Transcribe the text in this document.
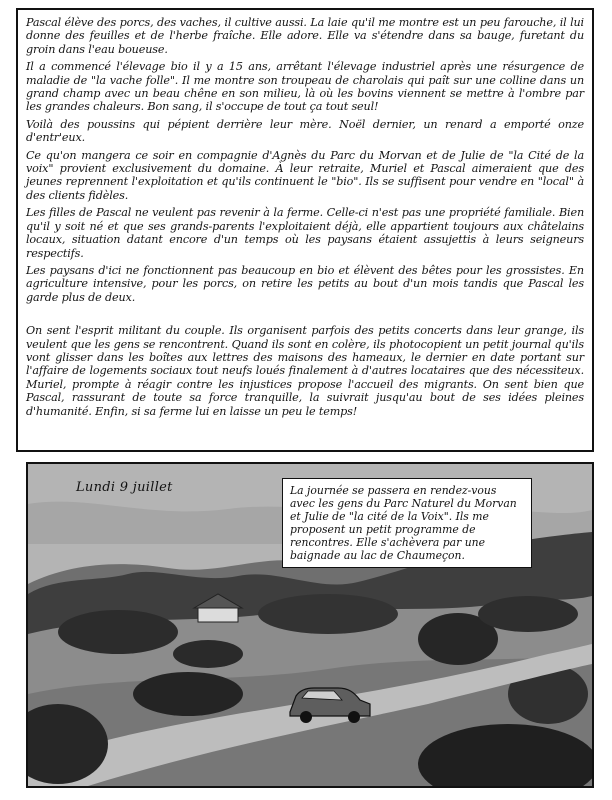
Pascal élève des porcs, des vaches, il cultive aussi. La laie qu'il me montre est un peu farouche, il lui donne des feuilles et de l'herbe fraîche. Elle adore. Elle va s'étendre dans sa bauge, furetant du groin dans l'eau boueuse.

Il a commencé l'élevage bio il y a 15 ans, arrêtant l'élevage industriel après une résurgence de maladie de "la vache folle". Il me montre son troupeau de charolais qui paît sur une colline dans un grand champ avec un beau chêne en son milieu, là où les bovins viennent se mettre à l'ombre par les grandes chaleurs. Bon sang, il s'occupe de tout ça tout seul!

Voilà des poussins qui pépient derrière leur mère. Noël dernier, un renard a emporté onze d'entr'eux.

Ce qu'on mangera ce soir en compagnie d'Agnès du Parc du Morvan et de Julie de "la Cité de la voix" provient exclusivement du domaine. À leur retraite, Muriel et Pascal aimeraient que des jeunes reprennent l'exploitation et qu'ils continuent le "bio". Ils se suffisent pour vendre en "local" à des clients fidèles.

Les filles de Pascal ne veulent pas revenir à la ferme. Celle-ci n'est pas une propriété familiale. Bien qu'il y soit né et que ses grands-parents l'exploitaient déjà, elle appartient toujours aux châtelains locaux, situation datant encore d'un temps où les paysans étaient assujettis à leurs seigneurs respectifs.

Les paysans d'ici ne fonctionnent pas beaucoup en bio et élèvent des bêtes pour les grossistes. En agriculture intensive, pour les porcs, on retire les petits au bout d'un mois tandis que Pascal les garde plus de deux.

On sent l'esprit militant du couple. Ils organisent parfois des petits concerts dans leur grange, ils veulent que les gens se rencontrent. Quand ils sont en colère, ils photocopient un petit journal qu'ils vont glisser dans les boîtes aux lettres des maisons des hameaux, le dernier en date portant sur l'affaire de logements sociaux tout neufs loués finalement à d'autres locataires que des nécessiteux. Muriel, prompte à réagir contre les injustices propose l'accueil des migrants. On sent bien que Pascal, rassurant de toute sa force tranquille, la suivrait jusqu'au bout de ses idées pleines d'humanité. Enfin, si sa ferme lui en laisse un peu le temps!

Lundi 9 juillet	La journée se passera en rendez-vous avec les gens du Parc Naturel du Morvan et Julie de "la cité de la Voix". Ils me proposent un petit programme de rencontres. Elle s'achèvera par une baignade au lac de Chaumeçon.
